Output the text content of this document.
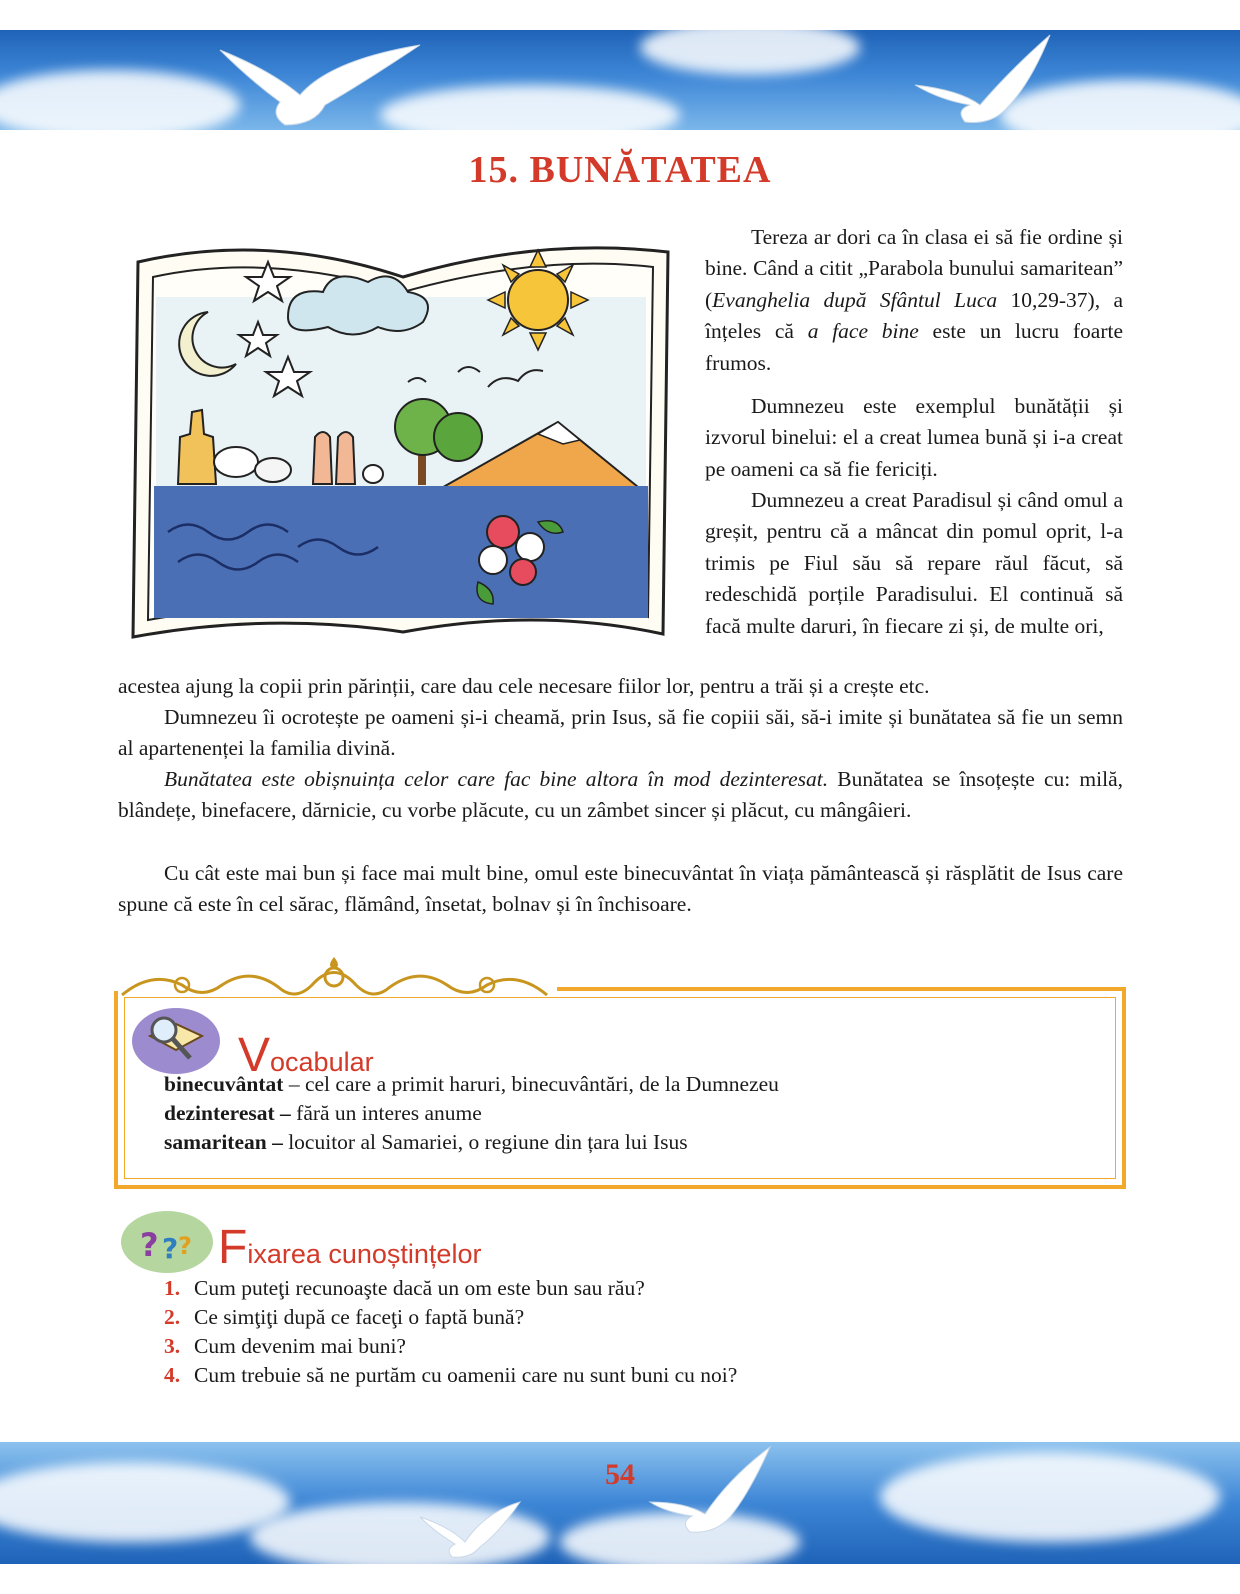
15. BUNĂTATEA

Tereza ar dori ca în clasa ei să fie ordine și bine. Când a citit „Parabola bunului samaritean” (Evanghelia după Sfântul Luca 10,29-37), a înțeles că a face bine este un lucru foarte frumos.

Dumnezeu este exemplul bunătății și izvorul binelui: el a creat lumea bună și i-a creat pe oameni ca să fie fericiți.

Dumnezeu a creat Paradisul și când omul a greșit, pentru că a mâncat din pomul oprit, l-a trimis pe Fiul său să repare răul făcut, să redeschidă porțile Paradisului. El continuă să facă multe daruri, în fiecare zi și, de multe ori,

acestea ajung la copii prin părinții, care dau cele necesare fiilor lor, pentru a trăi și a crește etc.

Dumnezeu îi ocrotește pe oameni și-i cheamă, prin Isus, să fie copiii săi, să-i imite și bunătatea să fie un semn al apartenenței la familia divină.

Bunătatea este obișnuința celor care fac bine altora în mod dezinteresat. Bunătatea se însoțește cu: milă, blândețe, binefacere, dărnicie, cu vorbe plăcute, cu un zâmbet sincer și plăcut, cu mângâieri.

Cu cât este mai bun și face mai mult bine, omul este binecuvântat în viața pământească și răsplătit de Isus care spune că este în cel sărac, flămând, însetat, bolnav și în închisoare.

Vocabular

binecuvântat – cel care a primit haruri, binecuvântări, de la Dumnezeu

dezinteresat – fără un interes anume

samaritean – locuitor al Samariei, o regiune din țara lui Isus

? ? ? Fixarea cunoștințelor

1. Cum puteţi recunoaşte dacă un om este bun sau rău?

2. Ce simţiţi după ce faceţi o faptă bună?

3. Cum devenim mai buni?

4. Cum trebuie să ne purtăm cu oamenii care nu sunt buni cu noi?

54
